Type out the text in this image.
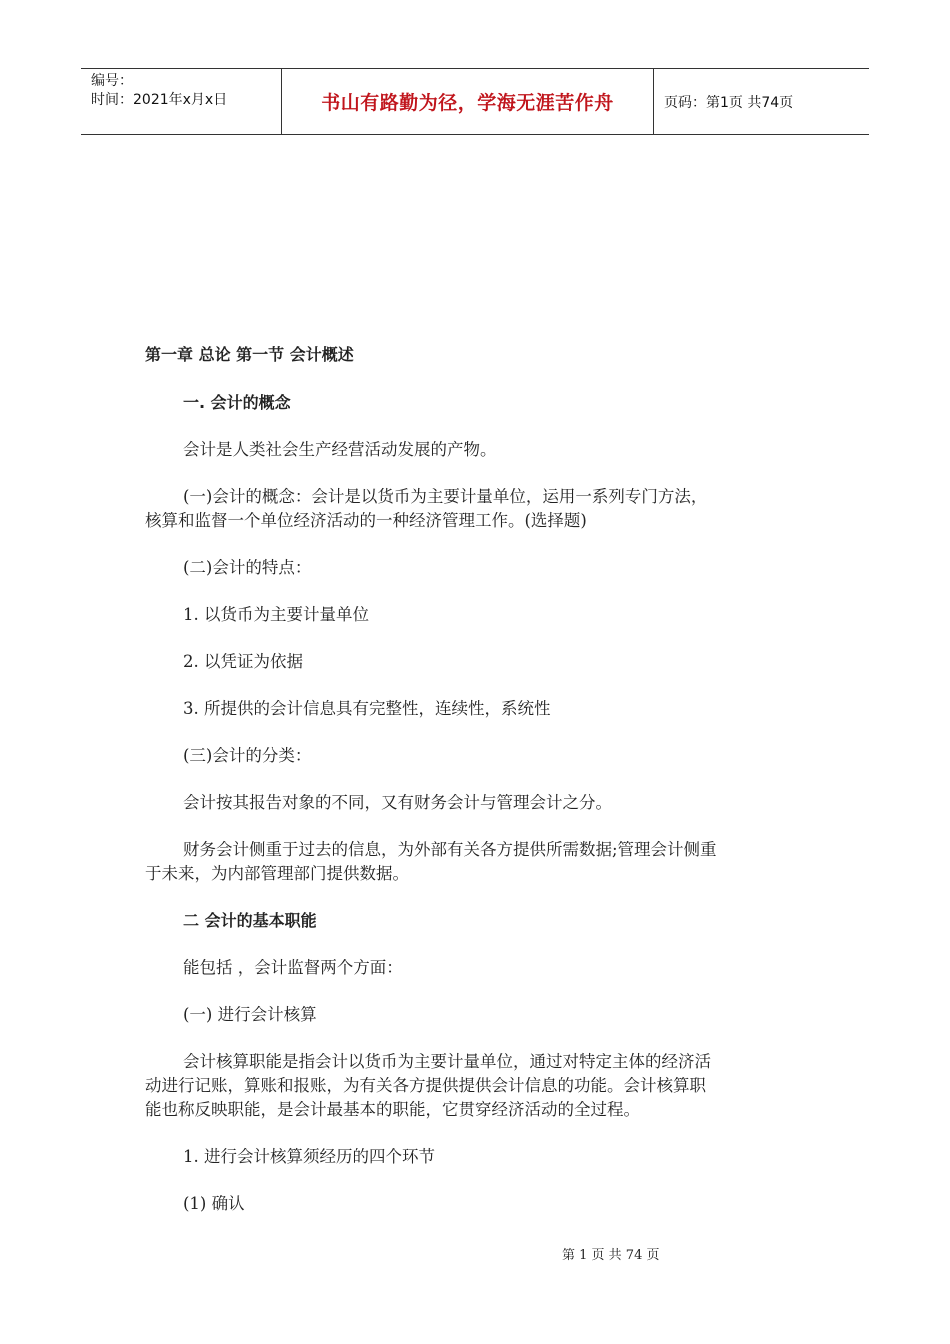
编号：
时间：2021年x月x日	书山有路勤为径，学海无涯苦作舟	页码：第1页 共74页

第一章 总论 第一节 会计概述

一. 会计的概念

会计是人类社会生产经营活动发展的产物。

(一)会计的概念：会计是以货币为主要计量单位，运用一系列专门方法，

核算和监督一个单位经济活动的一种经济管理工作。(选择题)

(二)会计的特点：

1. 以货币为主要计量单位

2. 以凭证为依据

3. 所提供的会计信息具有完整性，连续性，系统性

(三)会计的分类：

会计按其报告对象的不同，又有财务会计与管理会计之分。

财务会计侧重于过去的信息，为外部有关各方提供所需数据;管理会计侧重

于未来，为内部管理部门提供数据。

二 会计的基本职能

能包括 ，会计监督两个方面：

(一) 进行会计核算

会计核算职能是指会计以货币为主要计量单位，通过对特定主体的经济活

动进行记账，算账和报账，为有关各方提供提供会计信息的功能。会计核算职

能也称反映职能，是会计最基本的职能，它贯穿经济活动的全过程。

1. 进行会计核算须经历的四个环节

(1) 确认

第 1 页 共 74 页
